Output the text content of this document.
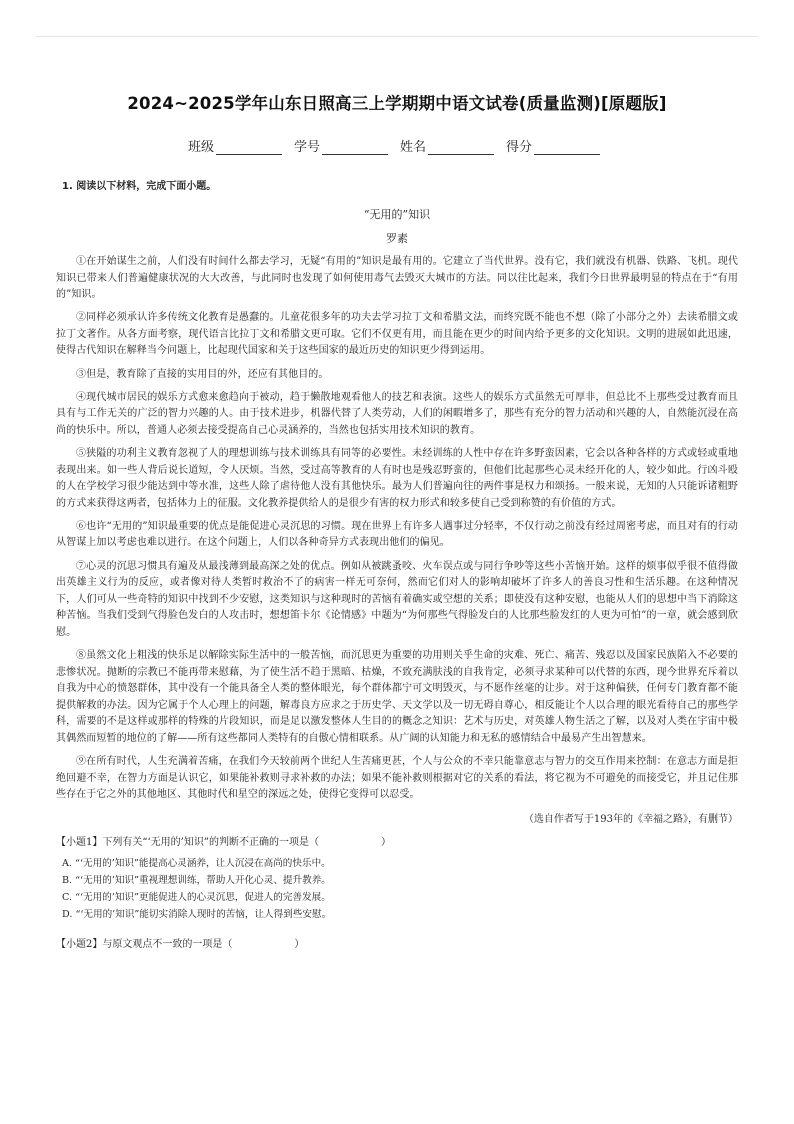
2024~2025学年山东日照高三上学期期中语文试卷(质量监测)[原题版]
班级	学号	姓名	得分
1. 阅读以下材料，完成下面小题。
“无用的”知识
罗素

①在开始谋生之前，人们没有时间什么都去学习，无疑“有用的”知识是最有用的。它建立了当代世界。没有它，我们就没有机器、铁路、飞机。现代知识已带来人们普遍健康状况的大大改善，与此同时也发现了如何使用毒气去毁灭大城市的方法。同以往比起来，我们今日世界最明显的特点在于“有用的”知识。

②同样必须承认许多传统文化教育是愚蠢的。儿童花很多年的功夫去学习拉丁文和希腊文法，而终究既不能也不想（除了小部分之外）去读希腊文或拉丁文著作。从各方面考察，现代语言比拉丁文和希腊文更可取。它们不仅更有用，而且能在更少的时间内给予更多的文化知识。文明的进展如此迅速，使得古代知识在解释当今问题上，比起现代国家和关于这些国家的最近历史的知识更少得到运用。

③但是，教育除了直接的实用目的外，还应有其他目的。

④现代城市居民的娱乐方式愈来愈趋向于被动，趋于懒散地观看他人的技艺和表演。这些人的娱乐方式虽然无可厚非，但总比不上那些受过教育而且具有与工作无关的广泛的智力兴趣的人。由于技术进步，机器代替了人类劳动，人们的闲暇增多了，那些有充分的智力活动和兴趣的人，自然能沉浸在高尚的快乐中。所以，普通人必须去接受提高自己心灵涵养的，当然也包括实用技术知识的教育。

⑤狭隘的功利主义教育忽视了人的理想训练与技术训练具有同等的必要性。未经训练的人性中存在许多野蛮因素，它会以各种各样的方式或轻或重地表现出来。如一些人背后说长道短，令人厌烦。当然，受过高等教育的人有时也是残忍野蛮的，但他们比起那些心灵未经开化的人，较少如此。行凶斗殴的人在学校学习很少能达到中等水准，这些人除了虐待他人没有其他快乐。最为人们普遍向往的两件事是权力和颂扬。一般来说，无知的人只能诉诸粗野的方式来获得这两者，包括体力上的征服。文化教养提供给人的是很少有害的权力形式和较多使自己受到称赞的有价值的方式。

⑥也许“无用的”知识最重要的优点是能促进心灵沉思的习惯。现在世界上有许多人遇事过分轻率，不仅行动之前没有经过周密考虑，而且对有的行动从智谋上加以考虑也难以进行。在这个问题上，人们以各种奇异方式表现出他们的偏见。

⑦心灵的沉思习惯具有遍及从最浅薄到最高深之处的优点。例如从被跳蚤咬、火车误点或与同行争吵等这些小苦恼开始。这样的烦事似乎很不值得做出英雄主义行为的反应，或者像对待人类暂时救治不了的病害一样无可奈何，然而它们对人的影响却破坏了许多人的善良习性和生活乐趣。在这种情况下，人们可从一些奇特的知识中找到不少安慰，这类知识与这种现时的苦恼有着确实或空想的关系；即使没有这种安慰，也能从人们的思想中当下消除这种苦恼。当我们受到气得脸色发白的人攻击时，想想笛卡尔《论情感》中题为“为何那些气得脸发白的人比那些脸发红的人更为可怕”的一章，就会感到欣慰。

⑧虽然文化上粗浅的快乐足以解除实际生活中的一般苦恼，而沉思更为重要的功用则关乎生命的灾难、死亡、痛苦、残忍以及国家民族陷入不必要的悲惨状况。抛断的宗教已不能再带来慰藉，为了使生活不趋于黑暗、枯燥，不致充满肤浅的自我肯定，必须寻求某种可以代替的东西，现今世界充斥着以自我为中心的愤怒群体，其中没有一个能具备全人类的整体眼光，每个群体都宁可文明毁灭，与不愿作丝毫的让步。对于这种偏狭，任何专门教育都不能提供解救的办法。因为它属于个人心理上的问题，解毒良方应求之于历史学、天文学以及一切无碍自尊心，相反能让个人以合理的眼光看待自己的那些学科，需要的不是这样或那样的特殊的片段知识，而是足以激发整体人生目的的概念之知识：艺术与历史，对英雄人物生活之了解，以及对人类在宇宙中极其偶然而短暂的地位的了解——所有这些都同人类特有的自傲心情相联系。从广阔的认知能力和无私的感情结合中最易产生出智慧来。

⑨在所有时代，人生充满着苦痛，在我们今天较前两个世纪人生苦痛更甚，个人与公众的不幸只能靠意志与智力的交互作用来控制：在意志方面是拒绝回避不幸，在智力方面是认识它，如果能补救则寻求补救的办法；如果不能补救则根据对它的关系的看法，将它视为不可避免的而接受它，并且记住那些存在于它之外的其他地区、其他时代和星空的深远之处，使得它变得可以忍受。

（选自作者写于193年的《幸福之路》，有删节）
【小题1】下列有关“‘无用的’知识”的判断不正确的一项是（	）
A. “‘无用的’知识”能提高心灵涵养，让人沉浸在高尚的快乐中。
B. “‘无用的’知识”重视理想训练，帮助人开化心灵、提升教养。
C. “‘无用的’知识”更能促进人的心灵沉思，促进人的完善发展。
D. “‘无用的’知识”能切实消除人现时的苦恼，让人得到些安慰。
【小题2】与原文观点不一致的一项是（	）
